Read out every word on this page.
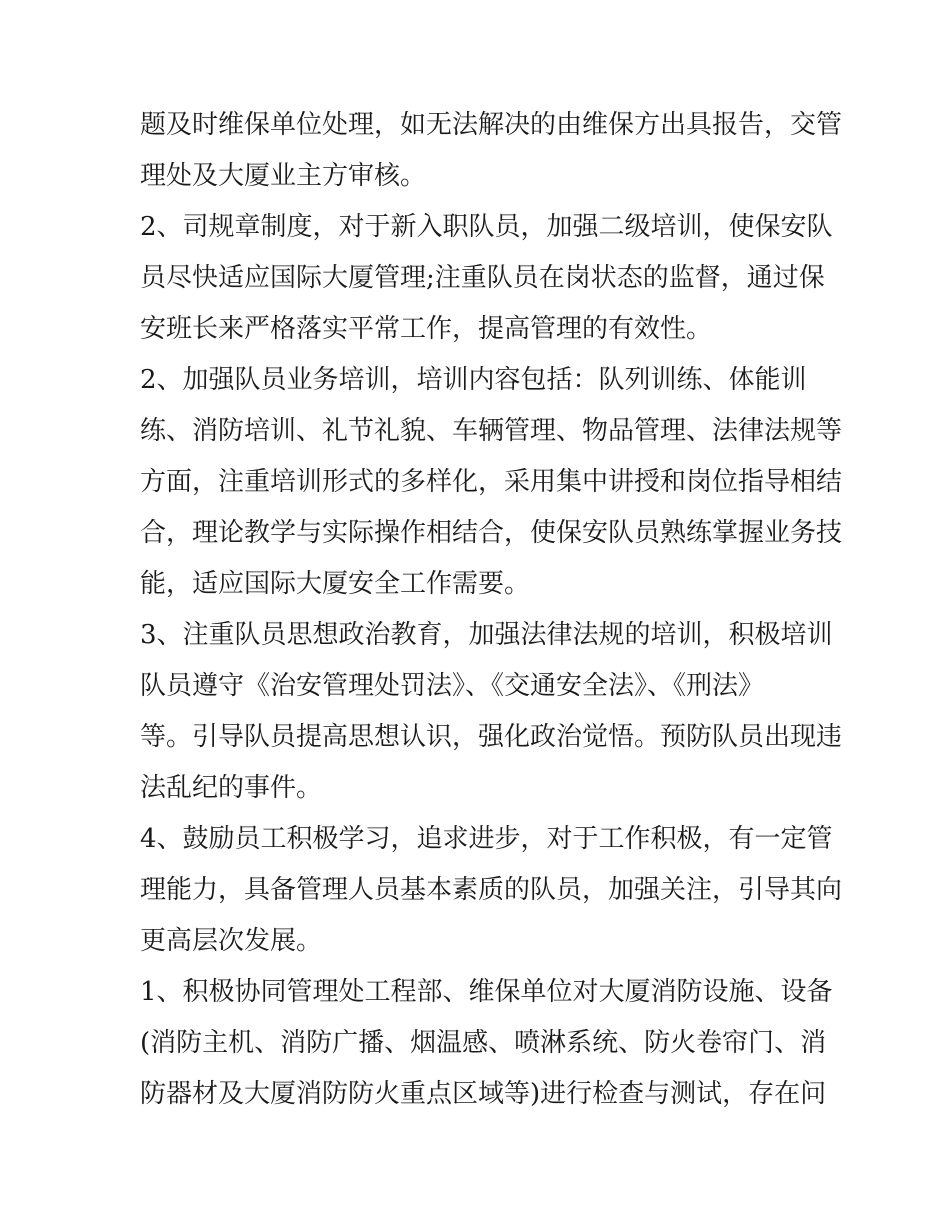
题及时维保单位处理，如无法解决的由维保方出具报告，交管
理处及大厦业主方审核。
2、司规章制度，对于新入职队员，加强二级培训，使保安队
员尽快适应国际大厦管理;注重队员在岗状态的监督，通过保
安班长来严格落实平常工作，提高管理的有效性。
2、加强队员业务培训，培训内容包括：队列训练、体能训
练、消防培训、礼节礼貌、车辆管理、物品管理、法律法规等
方面，注重培训形式的多样化，采用集中讲授和岗位指导相结
合，理论教学与实际操作相结合，使保安队员熟练掌握业务技
能，适应国际大厦安全工作需要。
3、注重队员思想政治教育，加强法律法规的培训，积极培训
队员遵守《治安管理处罚法》、《交通安全法》、《刑法》
等。引导队员提高思想认识，强化政治觉悟。预防队员出现违
法乱纪的事件。
4、鼓励员工积极学习，追求进步，对于工作积极，有一定管
理能力，具备管理人员基本素质的队员，加强关注，引导其向
更高层次发展。
1、积极协同管理处工程部、维保单位对大厦消防设施、设备
(消防主机、消防广播、烟温感、喷淋系统、防火卷帘门、消
防器材及大厦消防防火重点区域等)进行检查与测试，存在问
